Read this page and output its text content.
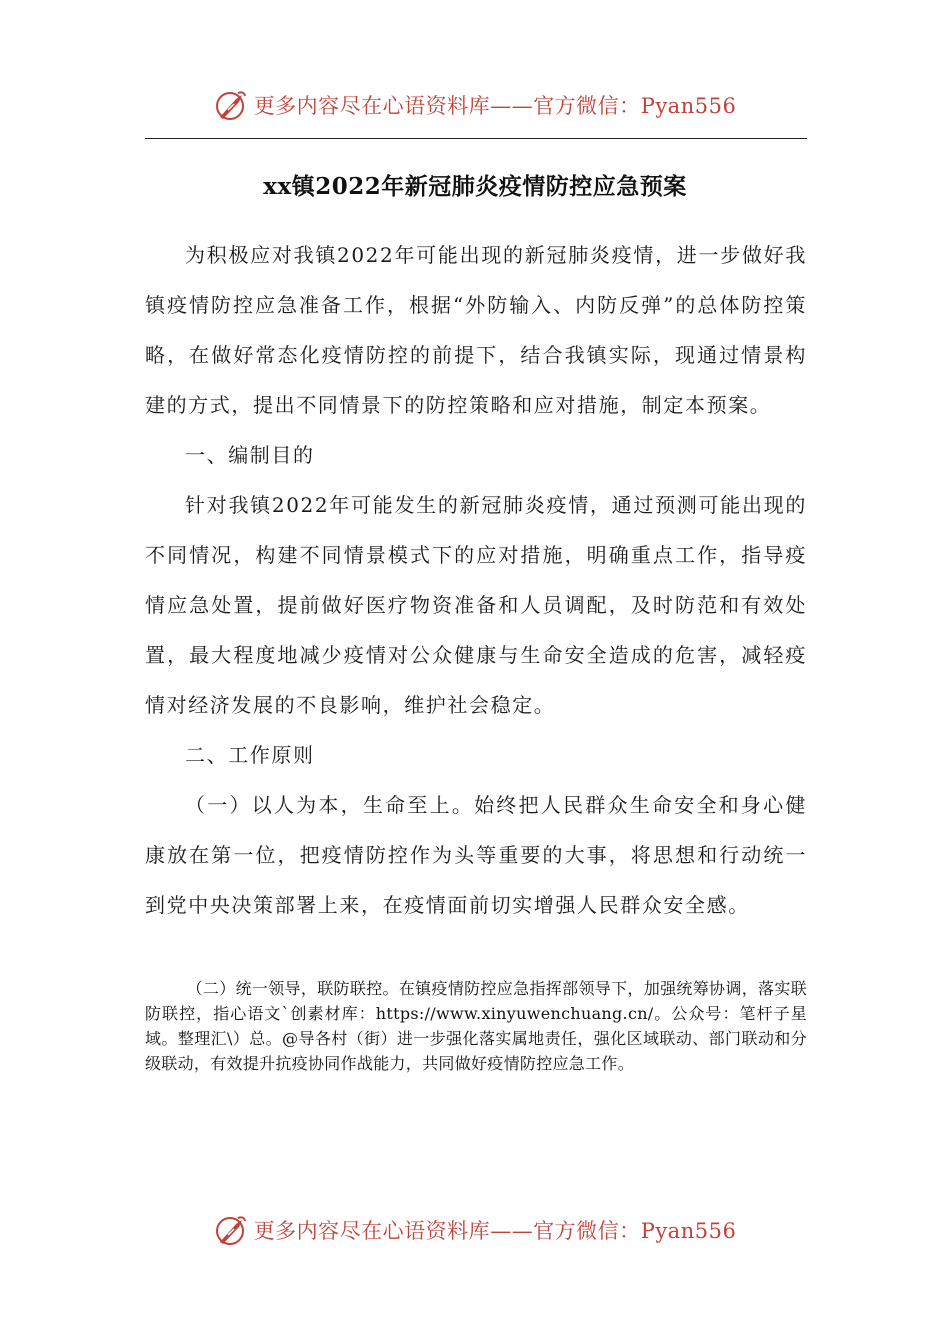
更多内容尽在心语资料库——官方微信：Pyan556
xx镇2022年新冠肺炎疫情防控应急预案

为积极应对我镇2022年可能出现的新冠肺炎疫情，进一步做好我镇疫情防控应急准备工作，根据“外防输入、内防反弹”的总体防控策略，在做好常态化疫情防控的前提下，结合我镇实际，现通过情景构建的方式，提出不同情景下的防控策略和应对措施，制定本预案。

一、编制目的

针对我镇2022年可能发生的新冠肺炎疫情，通过预测可能出现的不同情况，构建不同情景模式下的应对措施，明确重点工作，指导疫情应急处置，提前做好医疗物资准备和人员调配，及时防范和有效处置，最大程度地减少疫情对公众健康与生命安全造成的危害，减轻疫情对经济发展的不良影响，维护社会稳定。

二、工作原则

（一）以人为本，生命至上。始终把人民群众生命安全和身心健康放在第一位，把疫情防控作为头等重要的大事，将思想和行动统一到党中央决策部署上来，在疫情面前切实增强人民群众安全感。

（二）统一领导，联防联控。在镇疫情防控应急指挥部领导下，加强统筹协调，落实联防联控，指心语文`创素材库：https://www.xinyuwenchuang.cn/。公众号：笔杆子星域。整理汇\）总。@导各村（街）进一步强化落实属地责任，强化区域联动、部门联动和分级联动，有效提升抗疫协同作战能力，共同做好疫情防控应急工作。

更多内容尽在心语资料库——官方微信：Pyan556
